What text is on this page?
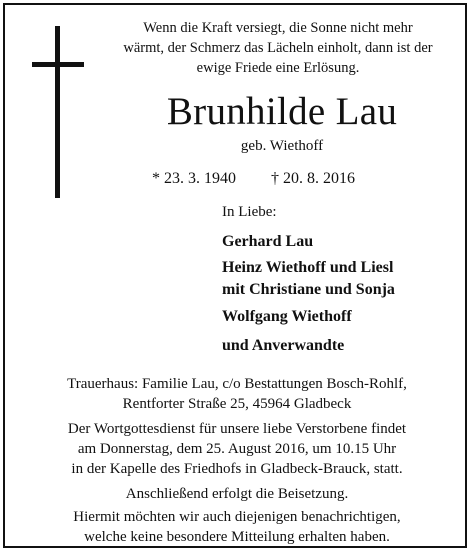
Wenn die Kraft versiegt, die Sonne nicht mehr
wärmt, der Schmerz das Lächeln einholt, dann ist der
ewige Friede eine Erlösung.
Brunhilde Lau
geb. Wiethoff
* 23. 3. 1940 † 20. 8. 2016
In Liebe:
Gerhard Lau
Heinz Wiethoff und Liesl
mit Christiane und Sonja
Wolfgang Wiethoff
und Anverwandte
Trauerhaus: Familie Lau, c/o Bestattungen Bosch-Rohlf,
Rentforter Straße 25, 45964 Gladbeck
Der Wortgottesdienst für unsere liebe Verstorbene findet
am Donnerstag, dem 25. August 2016, um 10.15 Uhr
in der Kapelle des Friedhofs in Gladbeck-Brauck, statt.
Anschließend erfolgt die Beisetzung.
Hiermit möchten wir auch diejenigen benachrichtigen,
welche keine besondere Mitteilung erhalten haben.
